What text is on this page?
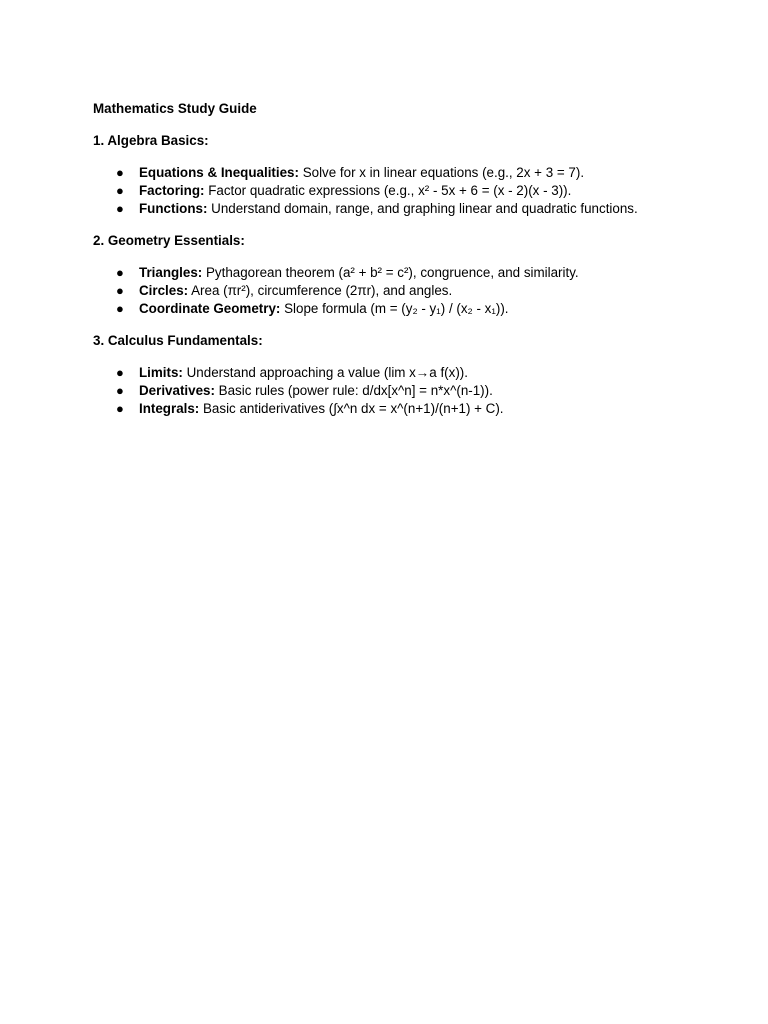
Mathematics Study Guide
1. Algebra Basics:
● Equations & Inequalities: Solve for x in linear equations (e.g., 2x + 3 = 7).
● Factoring: Factor quadratic expressions (e.g., x² - 5x + 6 = (x - 2)(x - 3)).
● Functions: Understand domain, range, and graphing linear and quadratic functions.
2. Geometry Essentials:
● Triangles: Pythagorean theorem (a² + b² = c²), congruence, and similarity.
● Circles: Area (πr²), circumference (2πr), and angles.
● Coordinate Geometry: Slope formula (m = (y₂ - y₁) / (x₂ - x₁)).
3. Calculus Fundamentals:
● Limits: Understand approaching a value (lim x→a f(x)).
● Derivatives: Basic rules (power rule: d/dx[x^n] = n*x^(n-1)).
● Integrals: Basic antiderivatives (∫x^n dx = x^(n+1)/(n+1) + C).
